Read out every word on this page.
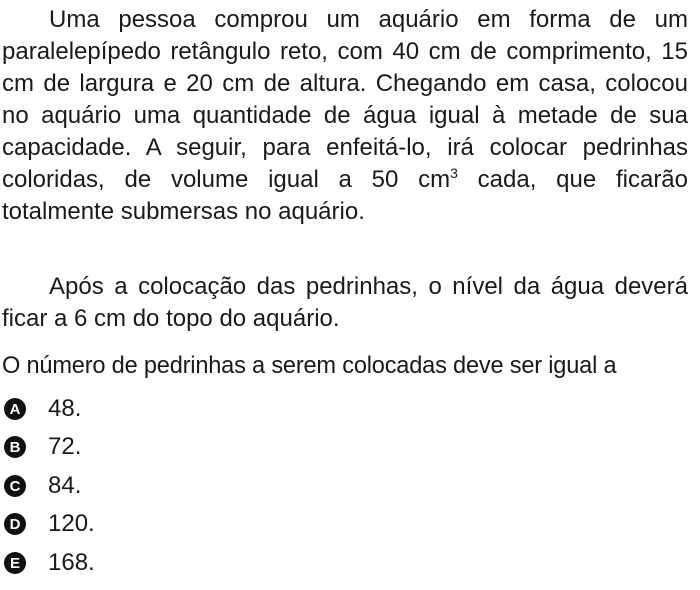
Uma pessoa comprou um aquário em forma de um paralelepípedo retângulo reto, com 40 cm de comprimento, 15 cm de largura e 20 cm de altura. Chegando em casa, colocou no aquário uma quantidade de água igual à metade de sua capacidade. A seguir, para enfeitá-lo, irá colocar pedrinhas coloridas, de volume igual a 50 $cm^3$ cada, que ficarão totalmente submersas no aquário.

Após a colocação das pedrinhas, o nível da água deverá ficar a 6 cm do topo do aquário.

O número de pedrinhas a serem colocadas deve ser igual a

A 48.
B 72.
C 84.
D 120.
E 168.
